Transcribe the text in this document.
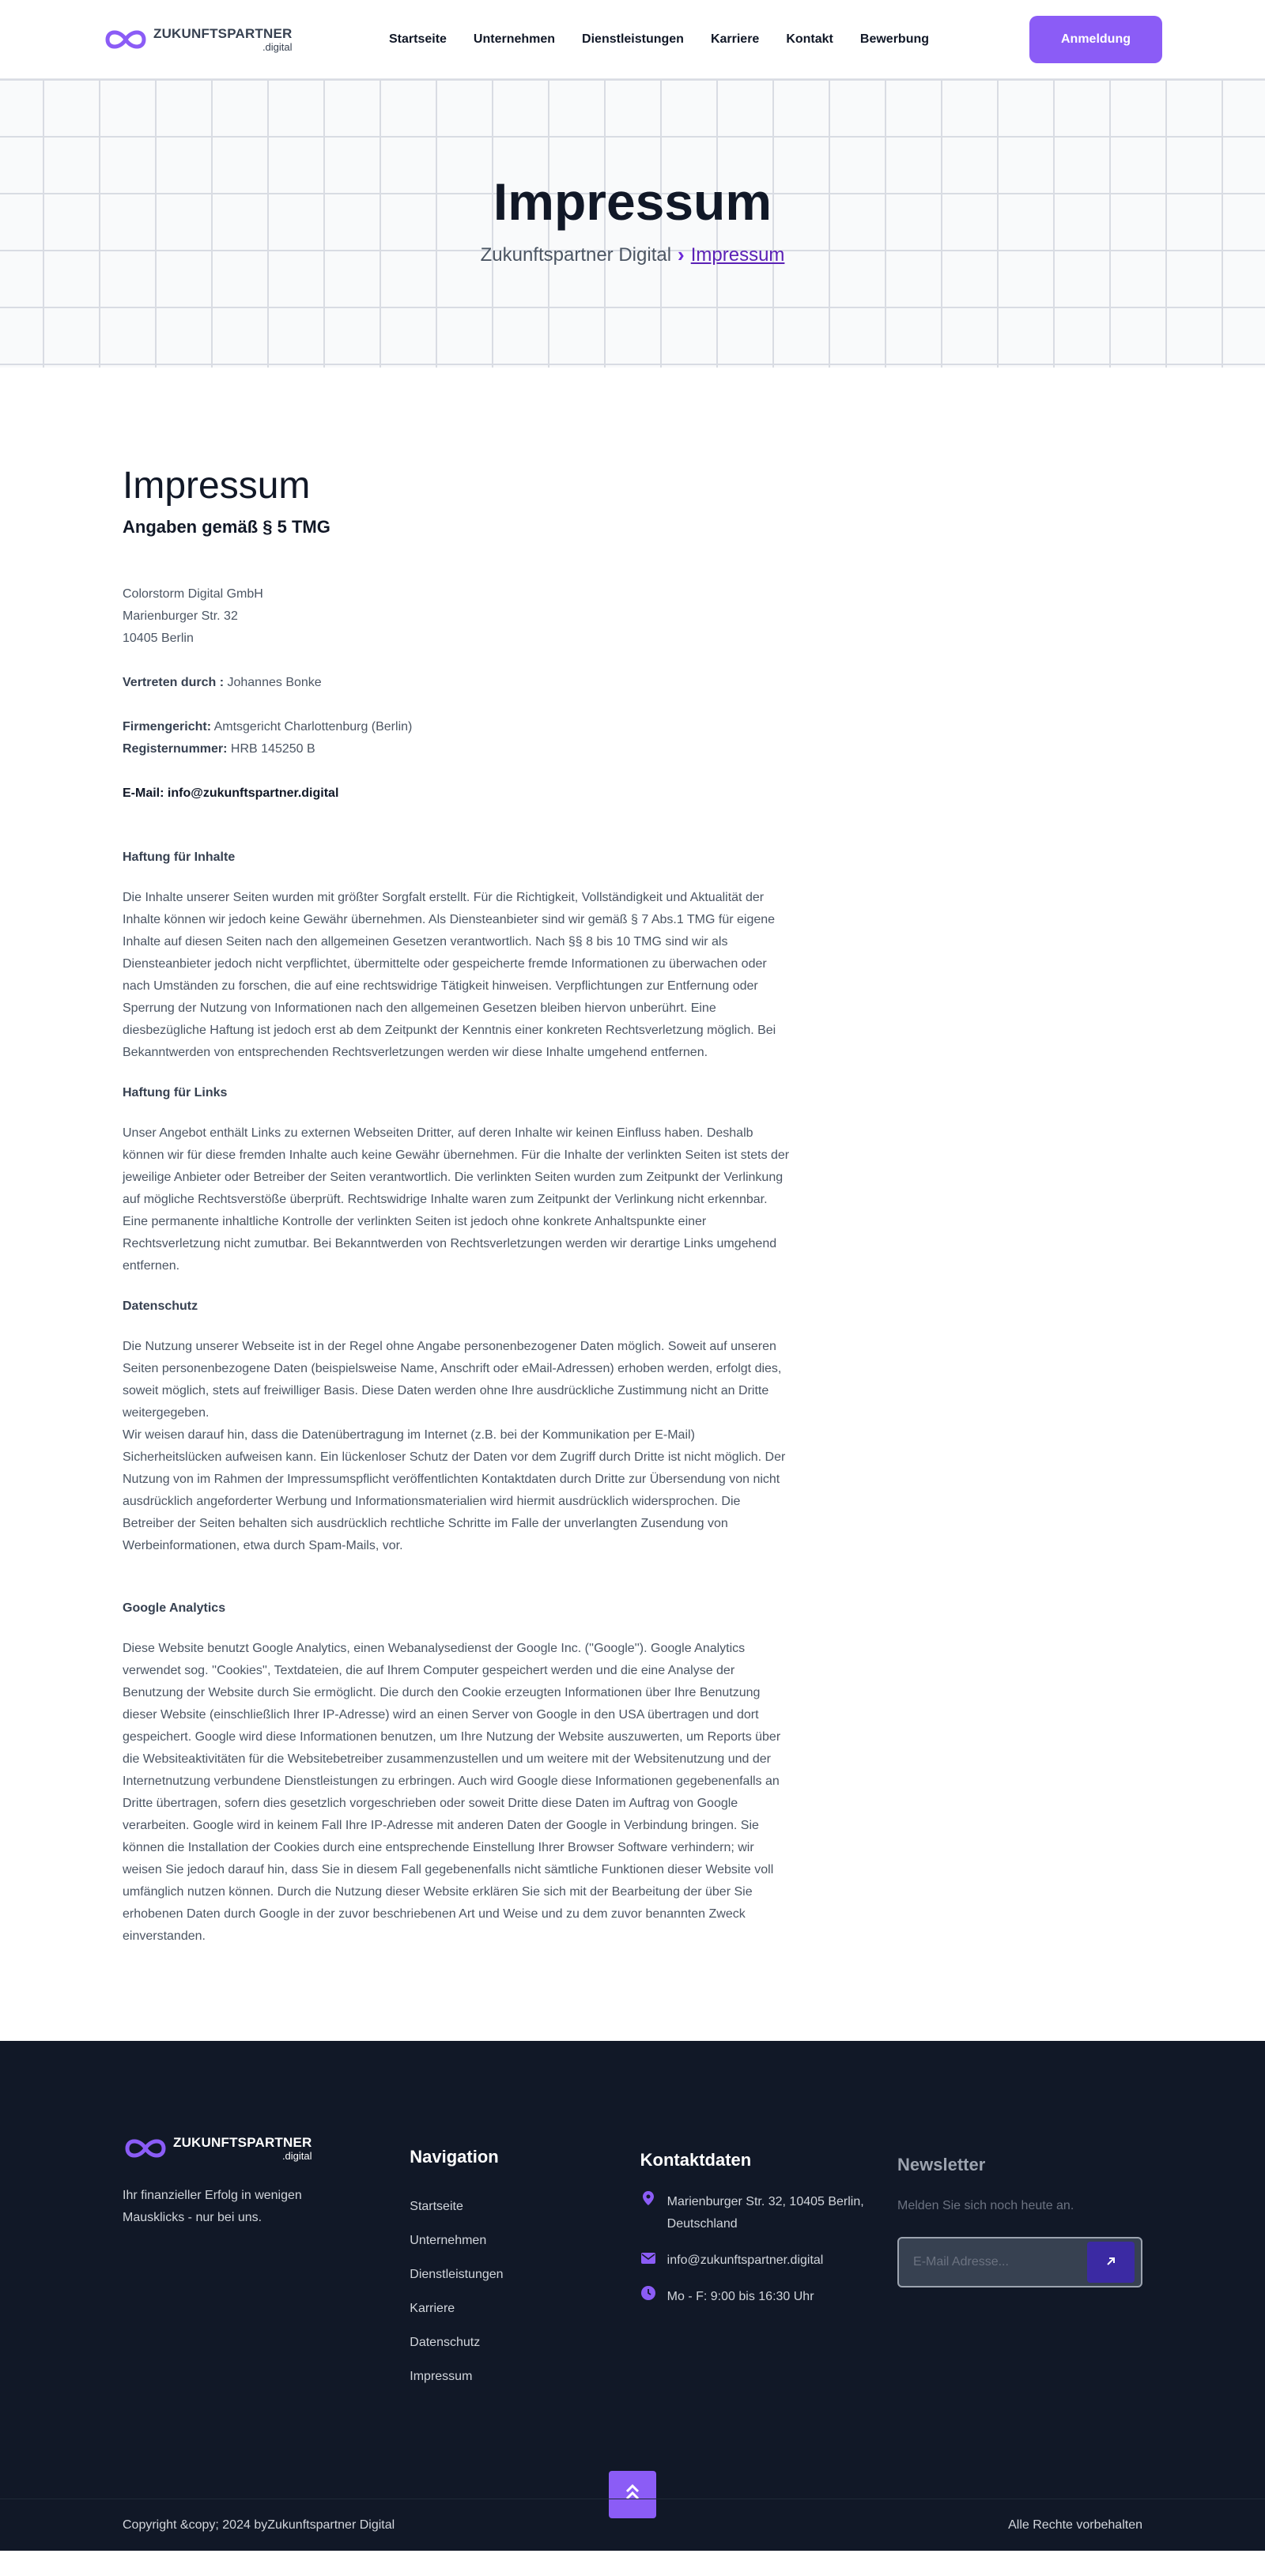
ZUKUNFTSPARTNER
.digital
Startseite Unternehmen Dienstleistungen Karriere Kontakt Bewerbung	Anmeldung
Impressum
Zukunftspartner Digital › Impressum
Impressum
Angaben gemäß § 5 TMG
Colorstorm Digital GmbH
Marienburger Str. 32
10405 Berlin
Vertreten durch : Johannes Bonke
Firmengericht: Amtsgericht Charlottenburg (Berlin)
Registernummer: HRB 145250 B
E-Mail: info@zukunftspartner.digital
Haftung für Inhalte

Die Inhalte unserer Seiten wurden mit größter Sorgfalt erstellt. Für die Richtigkeit, Vollständigkeit und Aktualität der Inhalte können wir jedoch keine Gewähr übernehmen. Als Diensteanbieter sind wir gemäß § 7 Abs.1 TMG für eigene Inhalte auf diesen Seiten nach den allgemeinen Gesetzen verantwortlich. Nach §§ 8 bis 10 TMG sind wir als Diensteanbieter jedoch nicht verpflichtet, übermittelte oder gespeicherte fremde Informationen zu überwachen oder nach Umständen zu forschen, die auf eine rechtswidrige Tätigkeit hinweisen. Verpflichtungen zur Entfernung oder Sperrung der Nutzung von Informationen nach den allgemeinen Gesetzen bleiben hiervon unberührt. Eine diesbezügliche Haftung ist jedoch erst ab dem Zeitpunkt der Kenntnis einer konkreten Rechtsverletzung möglich. Bei Bekanntwerden von entsprechenden Rechtsverletzungen werden wir diese Inhalte umgehend entfernen.

Haftung für Links

Unser Angebot enthält Links zu externen Webseiten Dritter, auf deren Inhalte wir keinen Einfluss haben. Deshalb können wir für diese fremden Inhalte auch keine Gewähr übernehmen. Für die Inhalte der verlinkten Seiten ist stets der jeweilige Anbieter oder Betreiber der Seiten verantwortlich. Die verlinkten Seiten wurden zum Zeitpunkt der Verlinkung auf mögliche Rechtsverstöße überprüft. Rechtswidrige Inhalte waren zum Zeitpunkt der Verlinkung nicht erkennbar. Eine permanente inhaltliche Kontrolle der verlinkten Seiten ist jedoch ohne konkrete Anhaltspunkte einer Rechtsverletzung nicht zumutbar. Bei Bekanntwerden von Rechtsverletzungen werden wir derartige Links umgehend entfernen.

Datenschutz

Die Nutzung unserer Webseite ist in der Regel ohne Angabe personenbezogener Daten möglich. Soweit auf unseren Seiten personenbezogene Daten (beispielsweise Name, Anschrift oder eMail-Adressen) erhoben werden, erfolgt dies, soweit möglich, stets auf freiwilliger Basis. Diese Daten werden ohne Ihre ausdrückliche Zustimmung nicht an Dritte weitergegeben.

Wir weisen darauf hin, dass die Datenübertragung im Internet (z.B. bei der Kommunikation per E-Mail) Sicherheitslücken aufweisen kann. Ein lückenloser Schutz der Daten vor dem Zugriff durch Dritte ist nicht möglich. Der Nutzung von im Rahmen der Impressumspflicht veröffentlichten Kontaktdaten durch Dritte zur Übersendung von nicht ausdrücklich angeforderter Werbung und Informationsmaterialien wird hiermit ausdrücklich widersprochen. Die Betreiber der Seiten behalten sich ausdrücklich rechtliche Schritte im Falle der unverlangten Zusendung von Werbeinformationen, etwa durch Spam-Mails, vor.

Google Analytics

Diese Website benutzt Google Analytics, einen Webanalysedienst der Google Inc. (''Google''). Google Analytics verwendet sog. ''Cookies'', Textdateien, die auf Ihrem Computer gespeichert werden und die eine Analyse der Benutzung der Website durch Sie ermöglicht. Die durch den Cookie erzeugten Informationen über Ihre Benutzung dieser Website (einschließlich Ihrer IP-Adresse) wird an einen Server von Google in den USA übertragen und dort gespeichert. Google wird diese Informationen benutzen, um Ihre Nutzung der Website auszuwerten, um Reports über die Websiteaktivitäten für die Websitebetreiber zusammenzustellen und um weitere mit der Websitenutzung und der Internetnutzung verbundene Dienstleistungen zu erbringen. Auch wird Google diese Informationen gegebenenfalls an Dritte übertragen, sofern dies gesetzlich vorgeschrieben oder soweit Dritte diese Daten im Auftrag von Google verarbeiten. Google wird in keinem Fall Ihre IP-Adresse mit anderen Daten der Google in Verbindung bringen. Sie können die Installation der Cookies durch eine entsprechende Einstellung Ihrer Browser Software verhindern; wir weisen Sie jedoch darauf hin, dass Sie in diesem Fall gegebenenfalls nicht sämtliche Funktionen dieser Website voll umfänglich nutzen können. Durch die Nutzung dieser Website erklären Sie sich mit der Bearbeitung der über Sie erhobenen Daten durch Google in der zuvor beschriebenen Art und Weise und zu dem zuvor benannten Zweck einverstanden.

ZUKUNFTSPARTNER
.digital

Ihr finanzieller Erfolg in wenigen Mausklicks - nur bei uns.

Navigation
Startseite
Unternehmen
Dienstleistungen
Karriere
Datenschutz
Impressum
Kontaktdaten
Marienburger Str. 32, 10405 Berlin, Deutschland
info@zukunftspartner.digital
Mo - F: 9:00 bis 16:30 Uhr
Newsletter
Melden Sie sich noch heute an.
E-Mail Adresse...
Copyright &copy; 2024 byZukunftspartner Digital	Alle Rechte vorbehalten
